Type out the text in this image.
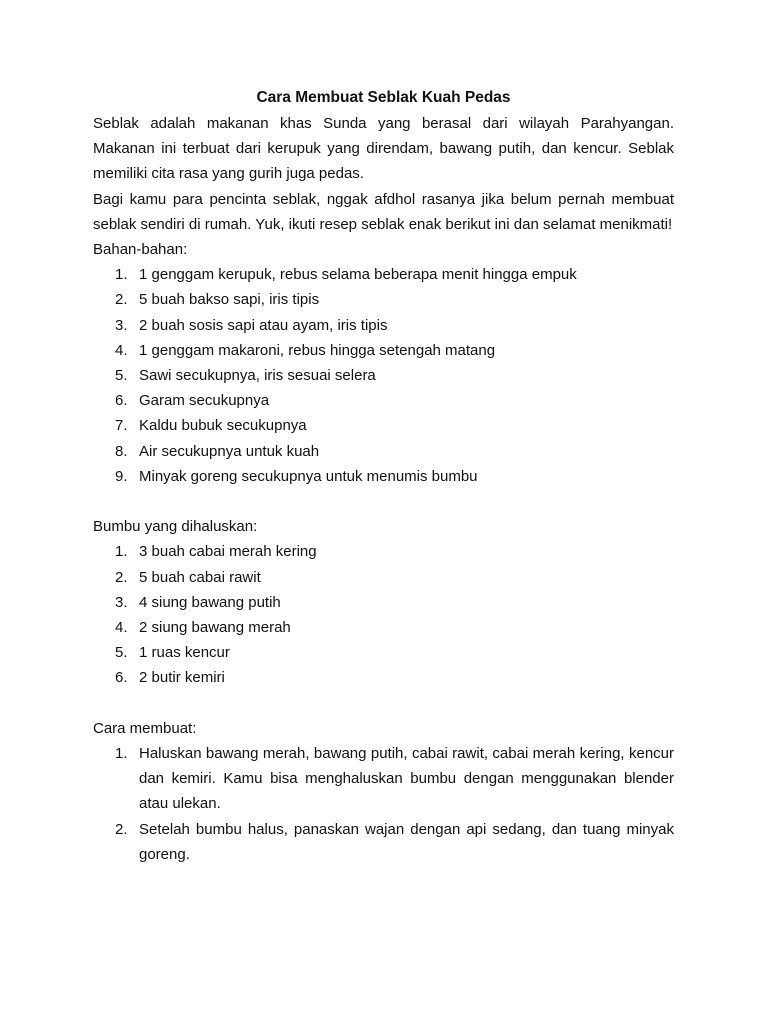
Cara Membuat Seblak Kuah Pedas

Seblak adalah makanan khas Sunda yang berasal dari wilayah Parahyangan. Makanan ini terbuat dari kerupuk yang direndam, bawang putih, dan kencur. Seblak memiliki cita rasa yang gurih juga pedas.

Bagi kamu para pencinta seblak, nggak afdhol rasanya jika belum pernah membuat seblak sendiri di rumah. Yuk, ikuti resep seblak enak berikut ini dan selamat menikmati!

Bahan-bahan:
1. 1 genggam kerupuk, rebus selama beberapa menit hingga empuk
2. 5 buah bakso sapi, iris tipis
3. 2 buah sosis sapi atau ayam, iris tipis
4. 1 genggam makaroni, rebus hingga setengah matang
5. Sawi secukupnya, iris sesuai selera
6. Garam secukupnya
7. Kaldu bubuk secukupnya
8. Air secukupnya untuk kuah
9. Minyak goreng secukupnya untuk menumis bumbu
Bumbu yang dihaluskan:
1. 3 buah cabai merah kering
2. 5 buah cabai rawit
3. 4 siung bawang putih
4. 2 siung bawang merah
5. 1 ruas kencur
6. 2 butir kemiri
Cara membuat:
1. Haluskan bawang merah, bawang putih, cabai rawit, cabai merah kering, kencur dan kemiri. Kamu bisa menghaluskan bumbu dengan menggunakan blender atau ulekan.
2. Setelah bumbu halus, panaskan wajan dengan api sedang, dan tuang minyak goreng.
